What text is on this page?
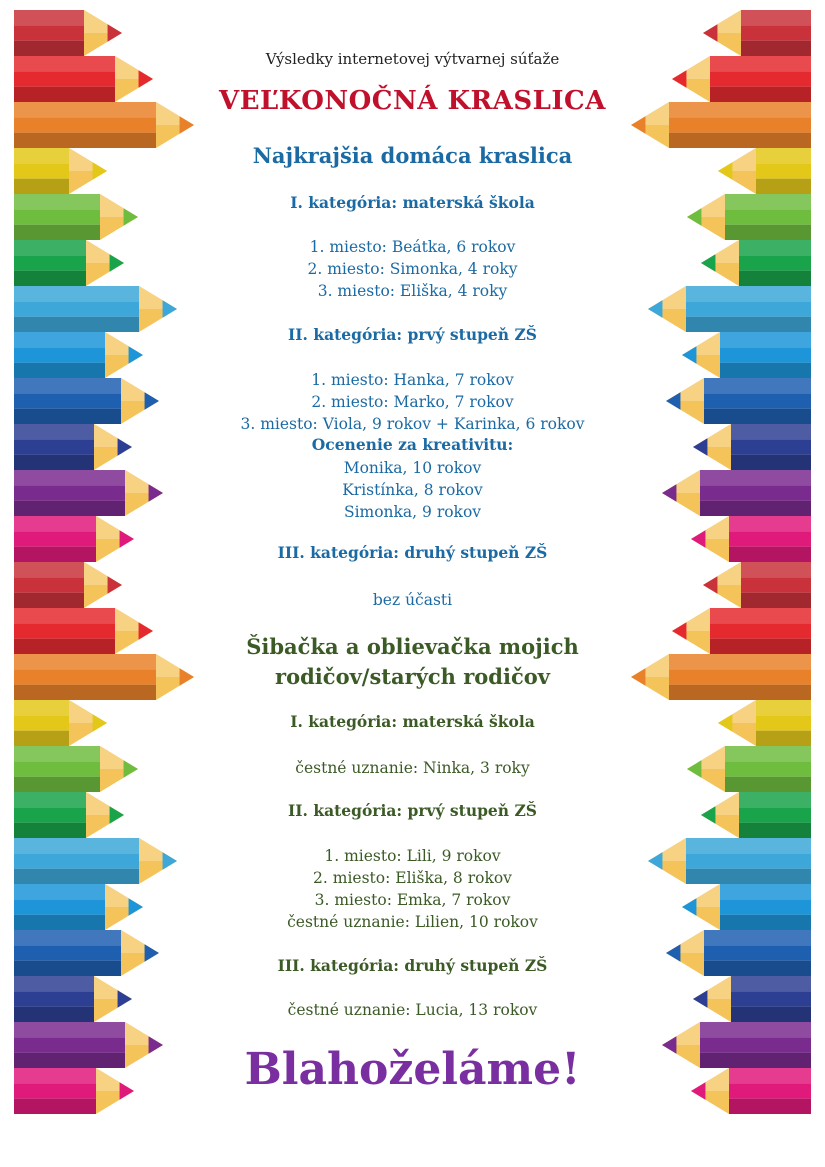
Výsledky internetovej výtvarnej súťaže

VEĽKONOČNÁ KRASLICA

Najkrajšia domáca kraslica

I. kategória: materská škola

1. miesto: Beátka, 6 rokov

2. miesto: Simonka, 4 roky

3. miesto: Eliška, 4 roky

II. kategória: prvý stupeň ZŠ

1. miesto: Hanka, 7 rokov

2. miesto: Marko, 7 rokov

3. miesto: Viola, 9 rokov + Karinka, 6 rokov

Ocenenie za kreativitu:

Monika, 10 rokov

Kristínka, 8 rokov

Simonka, 9 rokov

III. kategória: druhý stupeň ZŠ

bez účasti

Šibačka a oblievačka mojich

rodičov/starých rodičov

I. kategória: materská škola

čestné uznanie: Ninka, 3 roky

II. kategória: prvý stupeň ZŠ

1. miesto: Lili, 9 rokov

2. miesto: Eliška, 8 rokov

3. miesto: Emka, 7 rokov

čestné uznanie: Lilien, 10 rokov

III. kategória: druhý stupeň ZŠ

čestné uznanie: Lucia, 13 rokov

Blahoželáme!
